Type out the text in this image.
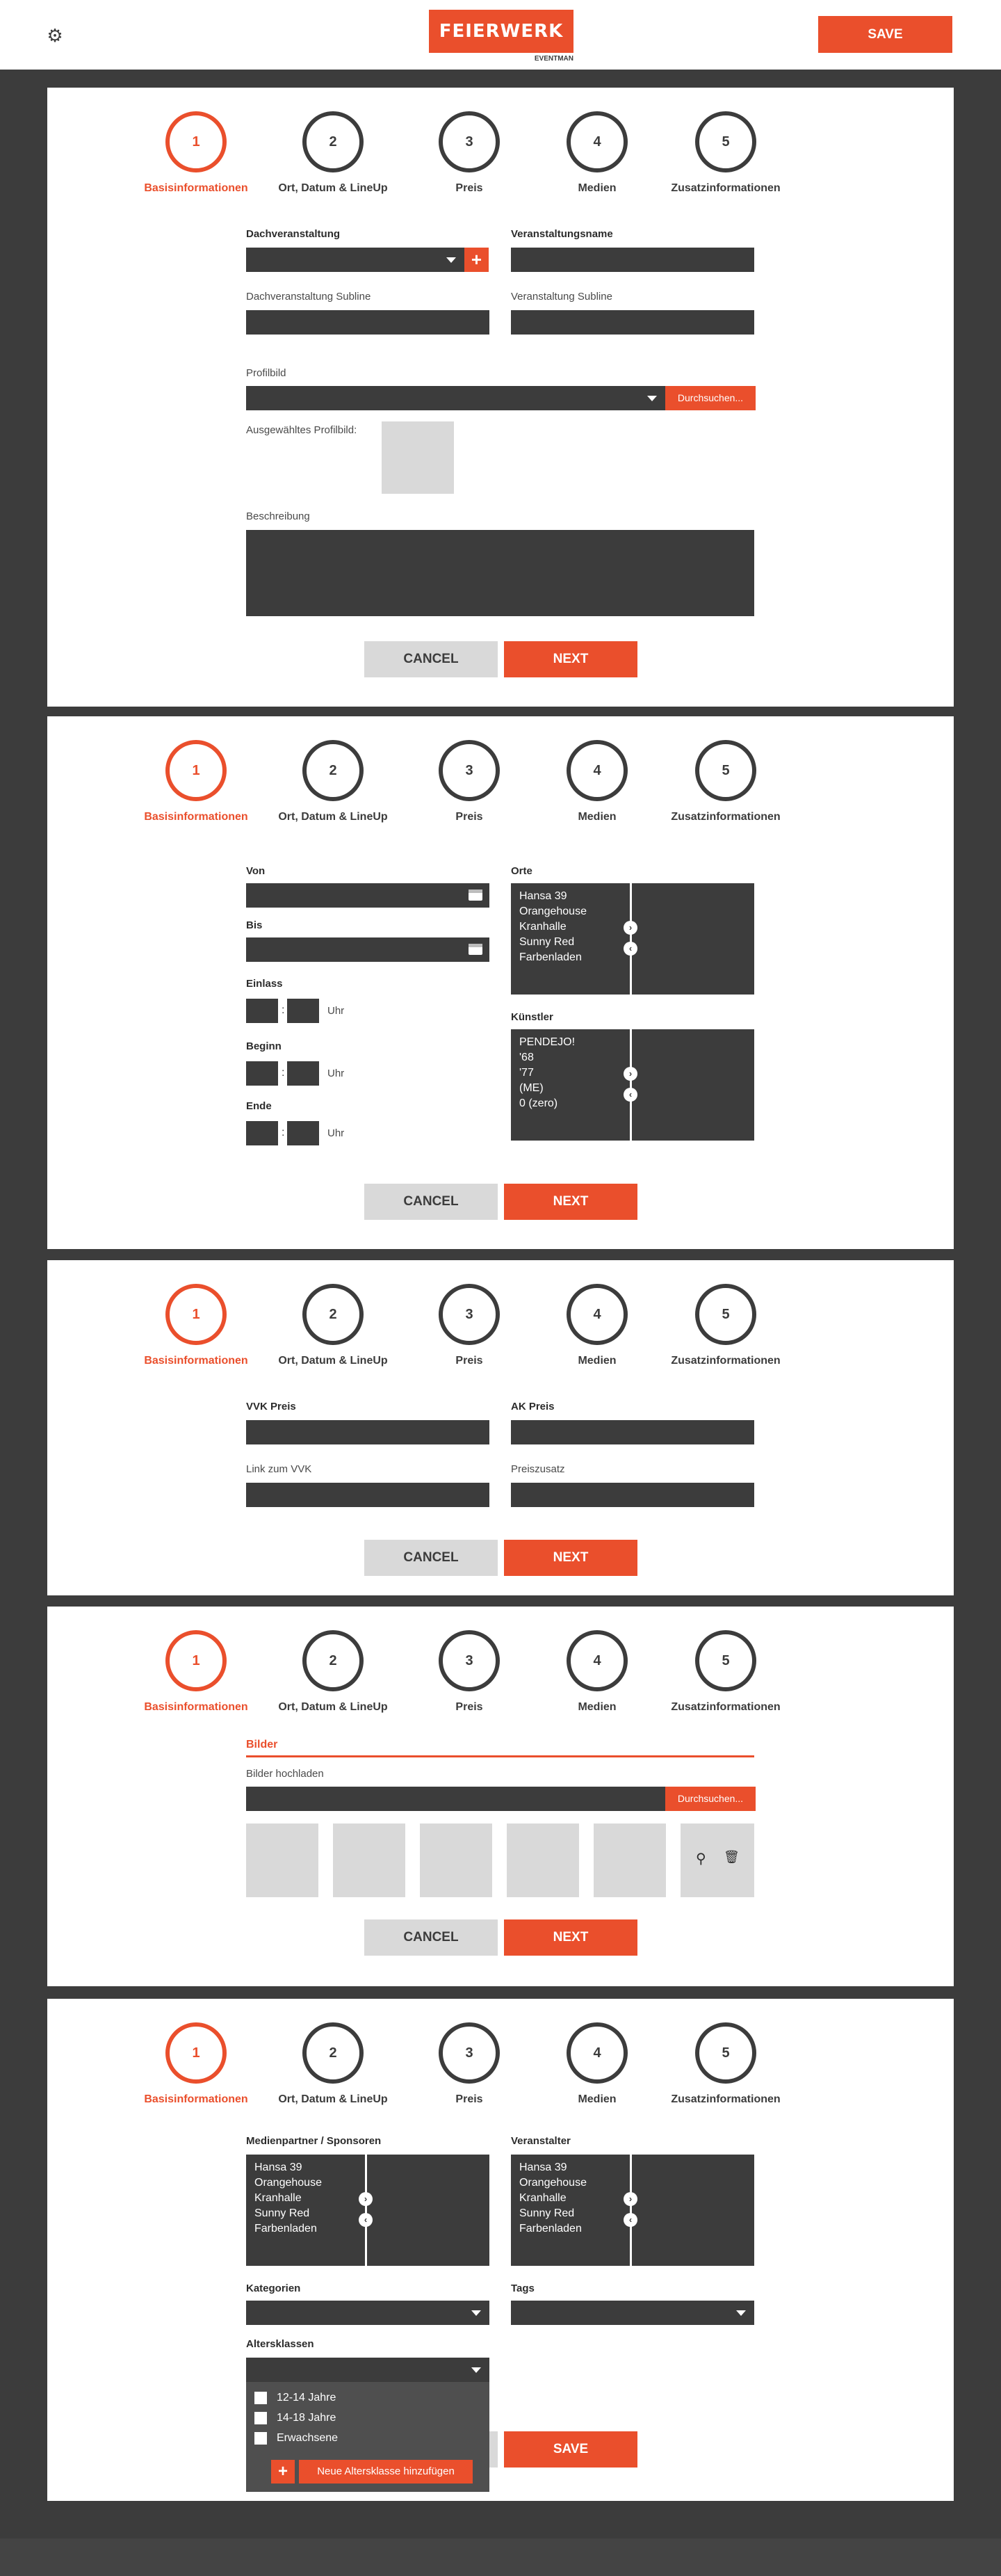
⚙	FEIERWERK
EVENTMAN
SAVE
1
Basisinformationen
2
Ort, Datum & LineUp
3
Preis
4
Medien
5
Zusatzinformationen
Dachveranstaltung
+
Veranstaltungsname
Dachveranstaltung Subline	Veranstaltung Subline
Profilbild
Durchsuchen...
Ausgewähltes Profilbild:
Beschreibung
CANCEL	NEXT
1
Basisinformationen
2
Ort, Datum & LineUp
3
Preis
4
Medien
5
Zusatzinformationen
Von
Bis
Einlass
:	Uhr
Beginn
:	Uhr
Ende
:	Uhr
Orte
Hansa 39
Orangehouse
Kranhalle
Sunny Red
Farbenladen
›
‹
Künstler
PENDEJO!
'68
'77
(ME)
0 (zero)
›
‹
CANCEL	NEXT
1
Basisinformationen
2
Ort, Datum & LineUp
3
Preis
4
Medien
5
Zusatzinformationen
VVK Preis	AK Preis
Link zum VVK	Preiszusatz
CANCEL	NEXT
1
Basisinformationen
2
Ort, Datum & LineUp
3
Preis
4
Medien
5
Zusatzinformationen
Bilder
Bilder hochladen
Durchsuchen...
⚲ 🗑
CANCEL	NEXT
1
Basisinformationen
2
Ort, Datum & LineUp
3
Preis
4
Medien
5
Zusatzinformationen
Medienpartner / Sponsoren
Hansa 39
Orangehouse
Kranhalle
Sunny Red
Farbenladen
›
‹
Veranstalter
Hansa 39
Orangehouse
Kranhalle
Sunny Red
Farbenladen
›
‹
Kategorien	Tags
Altersklassen
SAVE
12-14 Jahre
14-18 Jahre
Erwachsene
+	Neue Altersklasse hinzufügen
